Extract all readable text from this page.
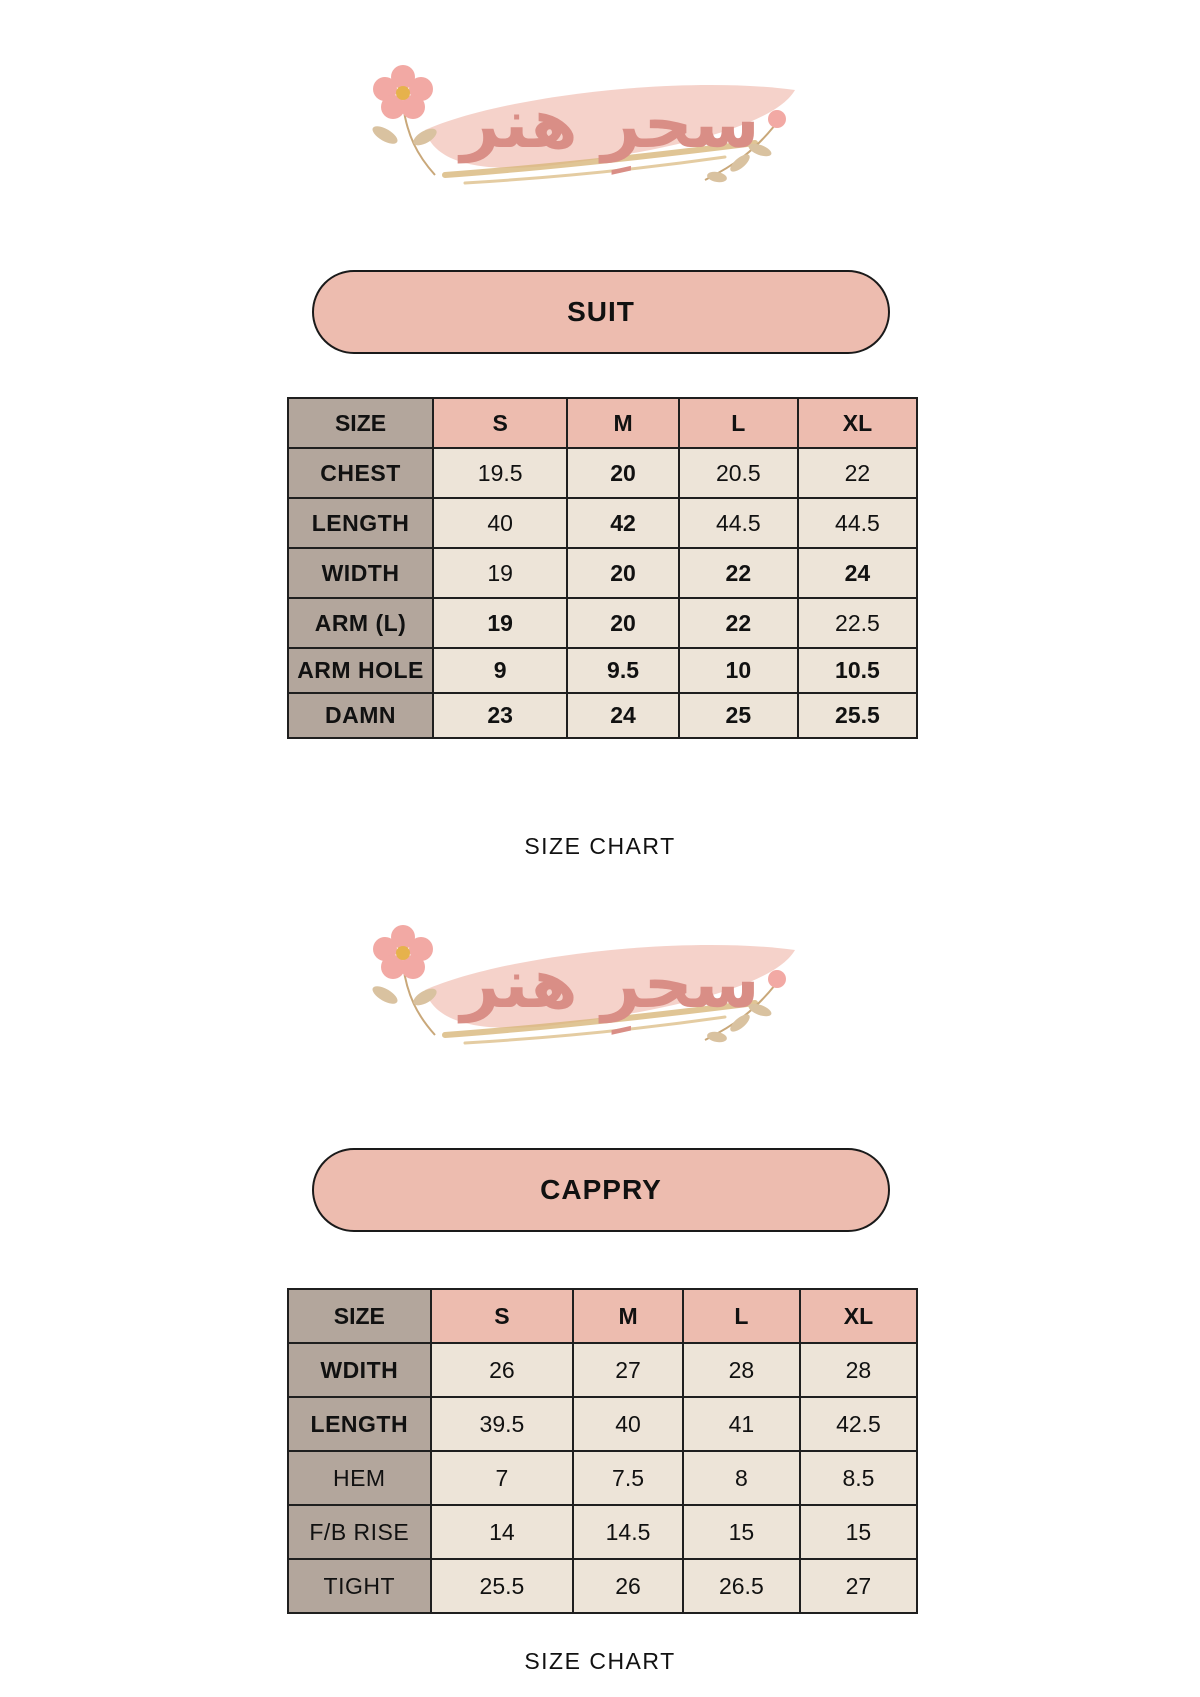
سحرِ هنر
SUIT
SIZE	S	M	L	XL
CHEST	19.5	20	20.5	22
LENGTH	40	42	44.5	44.5
WIDTH	19	20	22	24
ARM (L)	19	20	22	22.5
ARM HOLE	9	9.5	10	10.5
DAMN	23	24	25	25.5
SIZE CHART
سحرِ هنر
CAPPRY
SIZE	S	M	L	XL
WDITH	26	27	28	28
LENGTH	39.5	40	41	42.5
HEM	7	7.5	8	8.5
F/B RISE	14	14.5	15	15
TIGHT	25.5	26	26.5	27
SIZE CHART
